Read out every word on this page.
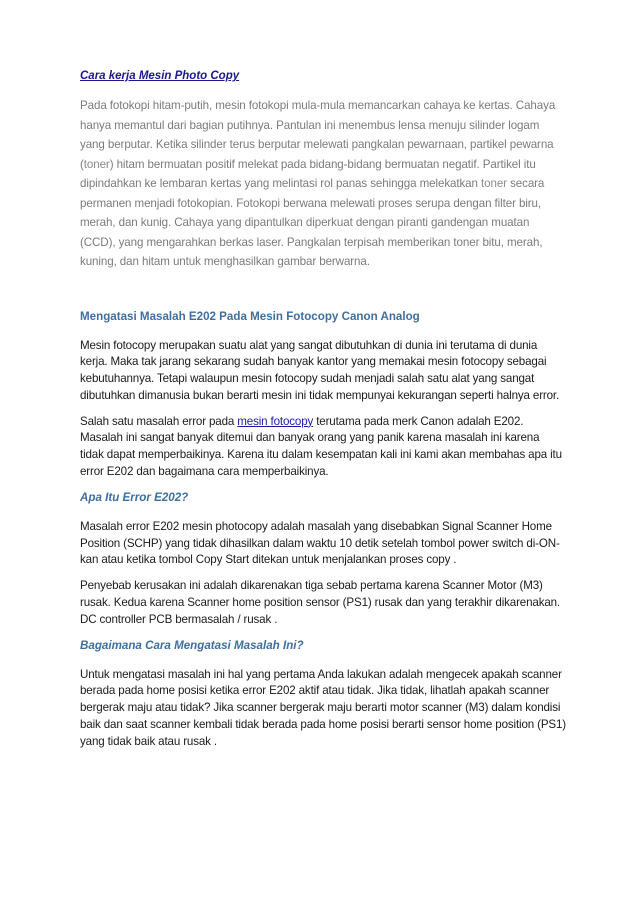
Cara kerja Mesin Photo Copy

Pada fotokopi hitam-putih, mesin fotokopi mula-mula memancarkan cahaya ke kertas. Cahaya hanya memantul dari bagian putihnya. Pantulan ini menembus lensa menuju silinder logam yang berputar. Ketika silinder terus berputar melewati pangkalan pewarnaan, partikel pewarna (toner) hitam bermuatan positif melekat pada bidang-bidang bermuatan negatif. Partikel itu dipindahkan ke lembaran kertas yang melintasi rol panas sehingga melekatkan toner secara permanen menjadi fotokopian. Fotokopi berwana melewati proses serupa dengan filter biru, merah, dan kunig. Cahaya yang dipantulkan diperkuat dengan piranti gandengan muatan (CCD), yang mengarahkan berkas laser. Pangkalan terpisah memberikan toner bitu, merah, kuning, dan hitam untuk menghasilkan gambar berwarna.

Mengatasi Masalah E202 Pada Mesin Fotocopy Canon Analog

Mesin fotocopy merupakan suatu alat yang sangat dibutuhkan di dunia ini terutama di dunia kerja. Maka tak jarang sekarang sudah banyak kantor yang memakai mesin fotocopy sebagai kebutuhannya. Tetapi walaupun mesin fotocopy sudah menjadi salah satu alat yang sangat dibutuhkan dimanusia bukan berarti mesin ini tidak mempunyai kekurangan seperti halnya error.

Salah satu masalah error pada mesin fotocopy terutama pada merk Canon adalah E202. Masalah ini sangat banyak ditemui dan banyak orang yang panik karena masalah ini karena tidak dapat memperbaikinya. Karena itu dalam kesempatan kali ini kami akan membahas apa itu error E202 dan bagaimana cara memperbaikinya.

Apa Itu Error E202?

Masalah error E202 mesin photocopy adalah masalah yang disebabkan Signal Scanner Home Position (SCHP) yang tidak dihasilkan dalam waktu 10 detik setelah tombol power switch di-ON-kan atau ketika tombol Copy Start ditekan untuk menjalankan proses copy .

Penyebab kerusakan ini adalah dikarenakan tiga sebab pertama karena Scanner Motor (M3) rusak. Kedua karena Scanner home position sensor (PS1) rusak dan yang terakhir dikarenakan. DC controller PCB bermasalah / rusak .

Bagaimana Cara Mengatasi Masalah Ini?

Untuk mengatasi masalah ini hal yang pertama Anda lakukan adalah mengecek apakah scanner berada pada home posisi ketika error E202 aktif atau tidak. Jika tidak, lihatlah apakah scanner bergerak maju atau tidak? Jika scanner bergerak maju berarti motor scanner (M3) dalam kondisi baik dan saat scanner kembali tidak berada pada home posisi berarti sensor home position (PS1) yang tidak baik atau rusak .
